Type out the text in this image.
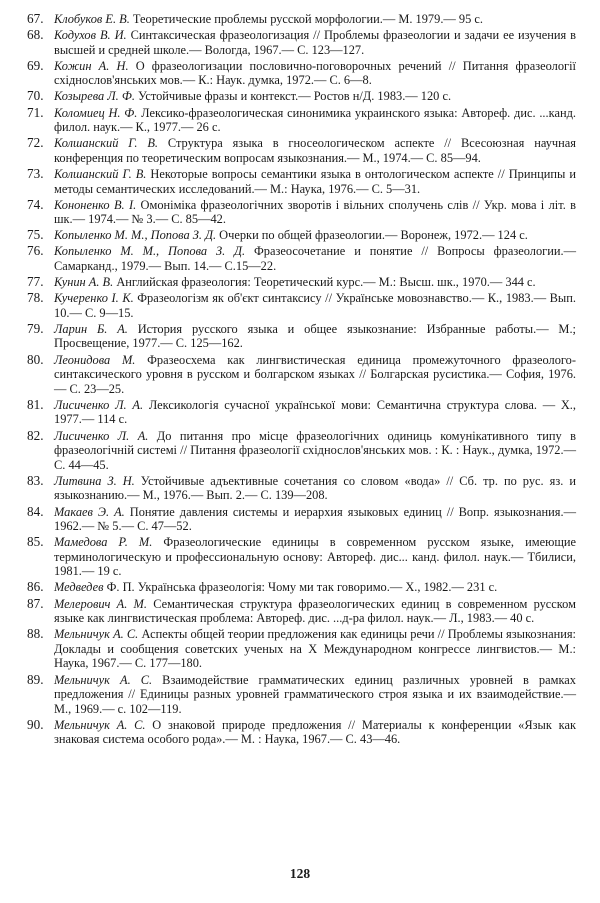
67. Клобуков Е. В. Теоретические проблемы русской морфологии.— М. 1979.— 95 с.
68. Кодухов В. И. Синтаксическая фразеологизация // Проблемы фразеологии и задачи ее изучения в высшей и средней школе.— Вологда, 1967.— С. 123—127.
69. Кожин А. Н. О фразеологизации пословично-поговорочных речений // Питання фразеології східнослов'янських мов.— К.: Наук. думка, 1972.— С. 6—8.
70. Козырева Л. Ф. Устойчивые фразы и контекст.— Ростов н/Д. 1983.— 120 с.
71. Коломиец Н. Ф. Лексико-фразеологическая синонимика украинского языка: Автореф. дис. ...канд. филол. наук.— К., 1977.— 26 с.
72. Колшанский Г. В. Структура языка в гносеологическом аспекте // Всесоюзная научная конференция по теоретическим вопросам языкознания.— М., 1974.— С. 85—94.
73. Колшанский Г. В. Некоторые вопросы семантики языка в онтологическом аспекте // Принципы и методы семантических исследований.— М.: Наука, 1976.— С. 5—31.
74. Кононенко В. І. Омоніміка фразеологічних зворотів і вільних сполучень слів // Укр. мова і літ. в шк.— 1974.— № 3.— С. 85—42.
75. Копыленко М. М., Попова З. Д. Очерки по общей фразеологии.— Воронеж, 1972.— 124 с.
76. Копыленко М. М., Попова З. Д. Фразеосочетание и понятие // Вопросы фразеологии.— Самарканд., 1979.— Вып. 14.— С.15—22.
77. Кунин А. В. Английская фразеология: Теоретический курс.— М.: Высш. шк., 1970.— 344 с.
78. Кучеренко І. К. Фразеологізм як об'єкт синтаксису // Українське мовознавство.— К., 1983.— Вып. 10.— С. 9—15.
79. Ларин Б. А. История русского языка и общее языкознание: Избранные работы.— М.; Просвещение, 1977.— С. 125—162.
80. Леонидова М. Фразеосхема как лингвистическая единица промежуточного фразеолого-синтаксического уровня в русском и болгарском языках // Болгарская русистика.— София, 1976.— С. 23—25.
81. Лисиченко Л. А. Лексикологія сучасної української мови: Семантична структура слова. — Х., 1977.— 114 с.
82. Лисиченко Л. А. До питання про місце фразеологічних одиниць комунікативного типу в фразеологічній системі // Питання фразеології східнослов'янських мов. : К. : Наук., думка, 1972.— С. 44—45.
83. Литвина З. Н. Устойчивые адъективные сочетания со словом «вода» // Сб. тр. по рус. яз. и языкознанию.— М., 1976.— Вып. 2.— С. 139—208.
84. Макаев Э. А. Понятие давления системы и иерархия языковых единиц // Вопр. языкознания.— 1962.— № 5.— С. 47—52.
85. Мамедова Р. М. Фразеологические единицы в современном русском языке, имеющие терминологическую и профессиональную основу: Автореф. дис... канд. филол. наук.— Тбилиси, 1981.— 19 с.
86. Медведев Ф. П. Українська фразеологія: Чому ми так говоримо.— Х., 1982.— 231 с.
87. Мелерович А. М. Семантическая структура фразеологических единиц в современном русском языке как лингвистическая проблема: Автореф. дис. ...д-ра филол. наук.— Л., 1983.— 40 с.
88. Мельничук А. С. Аспекты общей теории предложения как единицы речи // Проблемы языкознания: Доклады и сообщения советских ученых на X Международном конгрессе лингвистов.— М.: Наука, 1967.— С. 177—180.
89. Мельничук А. С. Взаимодействие грамматических единиц различных уровней в рамках предложения // Единицы разных уровней грамматического строя языка и их взаимодействие.— М., 1969.— с. 102—119.
90. Мельничук А. С. О знаковой природе предложения // Материалы к конференции «Язык как знаковая система особого рода».— М. : Наука, 1967.— С. 43—46.
128
